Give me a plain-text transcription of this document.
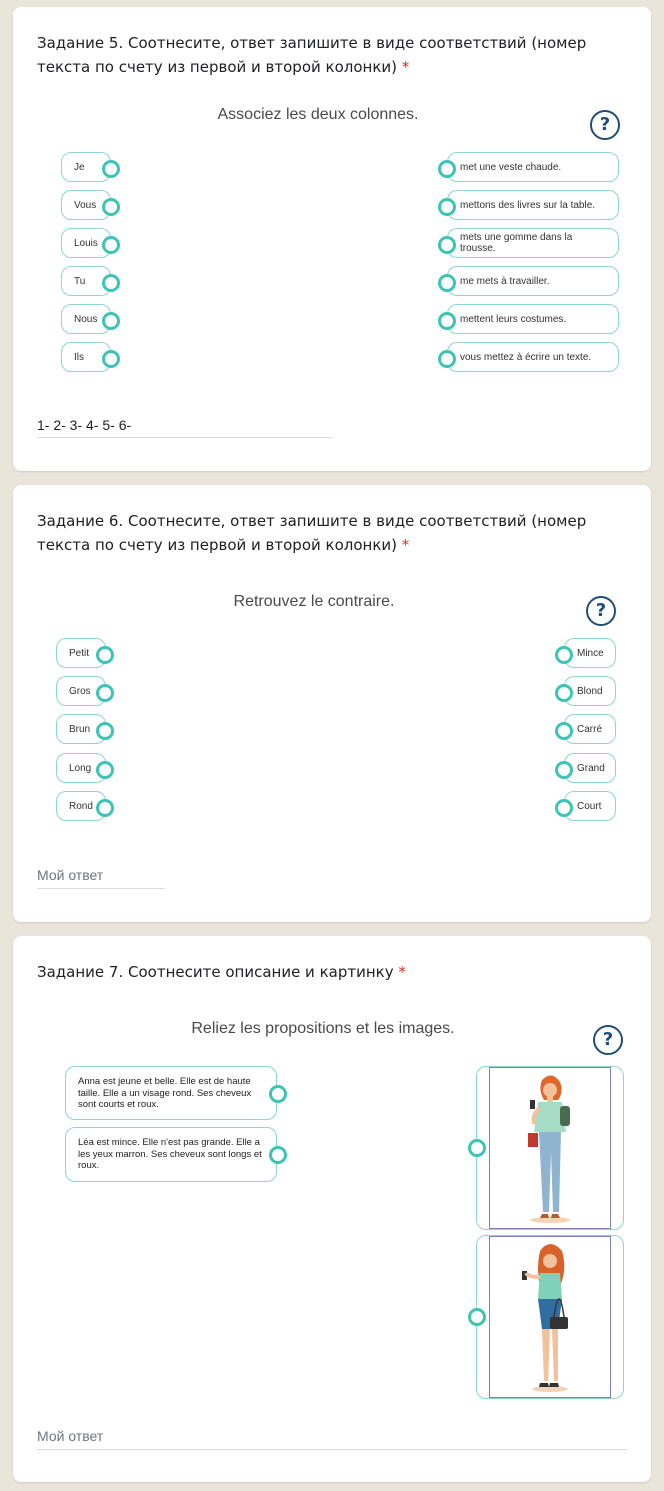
Задание 5. Соотнесите, ответ запишите в виде соответствий (номер текста по счету из первой и второй колонки) *
Associez les deux colonnes.	?
Je
Vous
Louis
Tu
Nous
Ils
met une veste chaude.
mettons des livres sur la table.
mets une gomme dans la trousse.
me mets à travailler.
mettent leurs costumes.
vous mettez à écrire un texte.
1- 2- 3- 4- 5- 6-
Задание 6. Соотнесите, ответ запишите в виде соответствий (номер текста по счету из первой и второй колонки) *
Retrouvez le contraire.	?
Petit
Gros
Brun
Long
Rond
Mince
Blond
Carré
Grand
Court
Мой ответ
Задание 7. Соотнесите описание и картинку *
Reliez les propositions et les images.
?
Anna est jeune et belle. Elle est de haute taille. Elle a un visage rond. Ses cheveux sont courts et roux.
Léa est mince. Elle n'est pas grande. Elle a les yeux marron. Ses cheveux sont longs et roux.
Мой ответ
